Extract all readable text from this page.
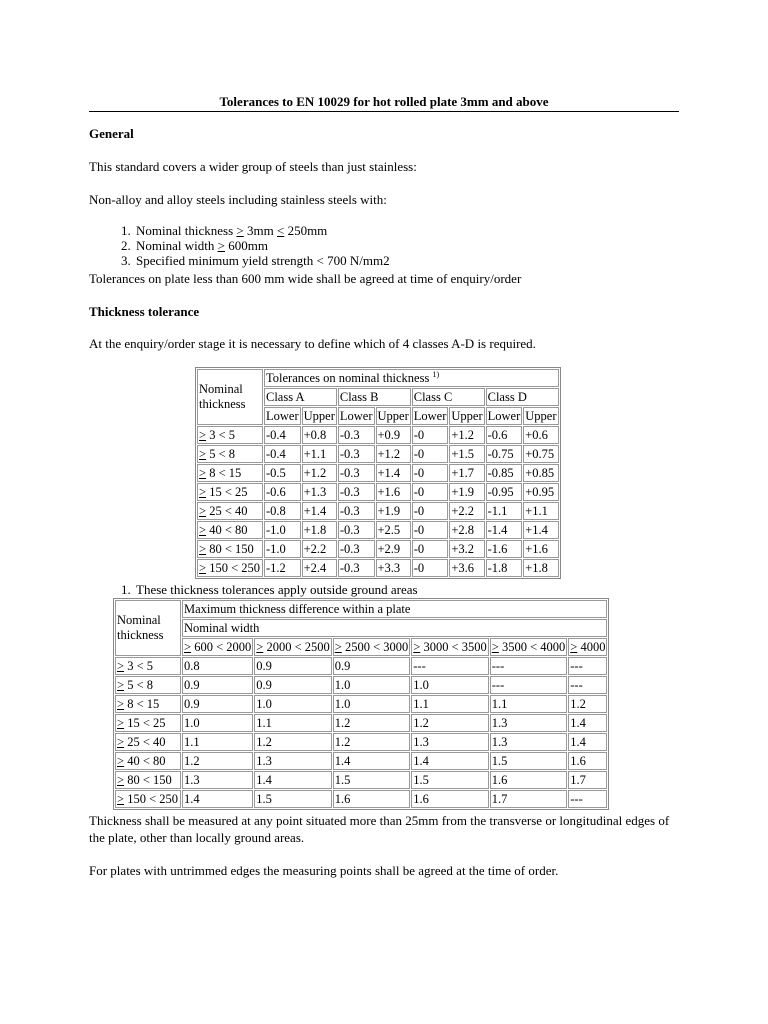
Tolerances to EN 10029 for hot rolled plate 3mm and above
General
This standard covers a wider group of steels than just stainless:
Non-alloy and alloy steels including stainless steels with:
1. Nominal thickness ≥ 3mm ≤ 250mm
2. Nominal width ≥ 600mm
3. Specified minimum yield strength < 700 N/mm2
Tolerances on plate less than 600 mm wide shall be agreed at time of enquiry/order
Thickness tolerance
At the enquiry/order stage it is necessary to define which of 4 classes A-D is required.
Nominal thickness	Tolerances on nominal thickness $^{1)}$
	Class A		Class B		Class C		Class D	
	Lower	Upper	Lower	Upper	Lower	Upper	Lower	Upper
≥ 3 < 5	-0.4	+0.8	-0.3	+0.9	-0	+1.2	-0.6	+0.6
≥ 5 < 8	-0.4	+1.1	-0.3	+1.2	-0	+1.5	-0.75	+0.75
≥ 8 < 15	-0.5	+1.2	-0.3	+1.4	-0	+1.7	-0.85	+0.85
≥ 15 < 25	-0.6	+1.3	-0.3	+1.6	-0	+1.9	-0.95	+0.95
≥ 25 < 40	-0.8	+1.4	-0.3	+1.9	-0	+2.2	-1.1	+1.1
≥ 40 < 80	-1.0	+1.8	-0.3	+2.5	-0	+2.8	-1.4	+1.4
≥ 80 < 150	-1.0	+2.2	-0.3	+2.9	-0	+3.2	-1.6	+1.6
≥ 150 < 250	-1.2	+2.4	-0.3	+3.3	-0	+3.6	-1.8	+1.8
1. These thickness tolerances apply outside ground areas
Nominal thickness	Maximum thickness difference within a plate					
	Nominal width					
	≥ 600 < 2000	≥ 2000 < 2500	≥ 2500 < 3000	≥ 3000 < 3500	≥ 3500 < 4000	≥ 4000
≥ 3 < 5	0.8	0.9	0.9	---	---	---
≥ 5 < 8	0.9	0.9	1.0	1.0	---	---
≥ 8 < 15	0.9	1.0	1.0	1.1	1.1	1.2
≥ 15 < 25	1.0	1.1	1.2	1.2	1.3	1.4
≥ 25 < 40	1.1	1.2	1.2	1.3	1.3	1.4
≥ 40 < 80	1.2	1.3	1.4	1.4	1.5	1.6
≥ 80 < 150	1.3	1.4	1.5	1.5	1.6	1.7
≥ 150 < 250	1.4	1.5	1.6	1.6	1.7	---
Thickness shall be measured at any point situated more than 25mm from the transverse or longitudinal edges of the plate, other than locally ground areas.
For plates with untrimmed edges the measuring points shall be agreed at the time of order.
